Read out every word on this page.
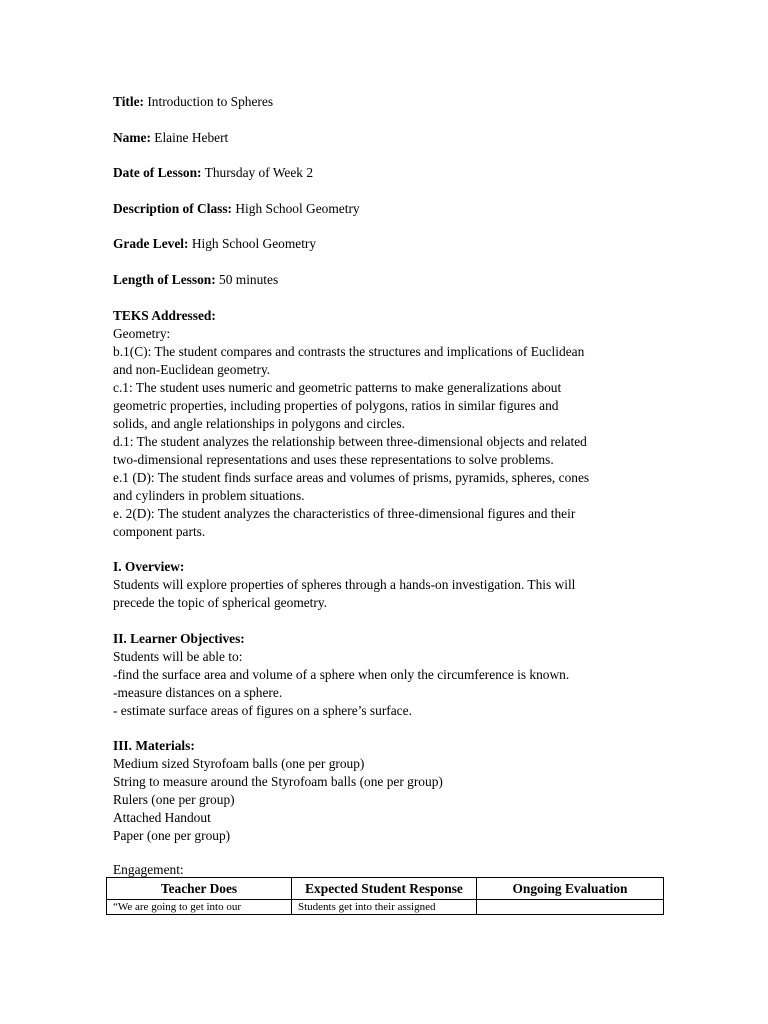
Title: Introduction to Spheres
Name: Elaine Hebert
Date of Lesson: Thursday of Week 2
Description of Class: High School Geometry
Grade Level: High School Geometry
Length of Lesson: 50 minutes
TEKS Addressed:
Geometry:
b.1(C): The student compares and contrasts the structures and implications of Euclidean
and non-Euclidean geometry.
c.1: The student uses numeric and geometric patterns to make generalizations about
geometric properties, including properties of polygons, ratios in similar figures and
solids, and angle relationships in polygons and circles.
d.1: The student analyzes the relationship between three-dimensional objects and related
two-dimensional representations and uses these representations to solve problems.
e.1 (D): The student finds surface areas and volumes of prisms, pyramids, spheres, cones
and cylinders in problem situations.
e. 2(D): The student analyzes the characteristics of three-dimensional figures and their
component parts.
I. Overview:
Students will explore properties of spheres through a hands-on investigation. This will
precede the topic of spherical geometry.
II. Learner Objectives:
Students will be able to:
-find the surface area and volume of a sphere when only the circumference is known.
-measure distances on a sphere.
- estimate surface areas of figures on a sphere’s surface.
III. Materials:
Medium sized Styrofoam balls (one per group)
String to measure around the Styrofoam balls (one per group)
Rulers (one per group)
Attached Handout
Paper (one per group)
Engagement:
Teacher Does	Expected Student Response	Ongoing Evaluation
“We are going to get into our	Students get into their assigned	
